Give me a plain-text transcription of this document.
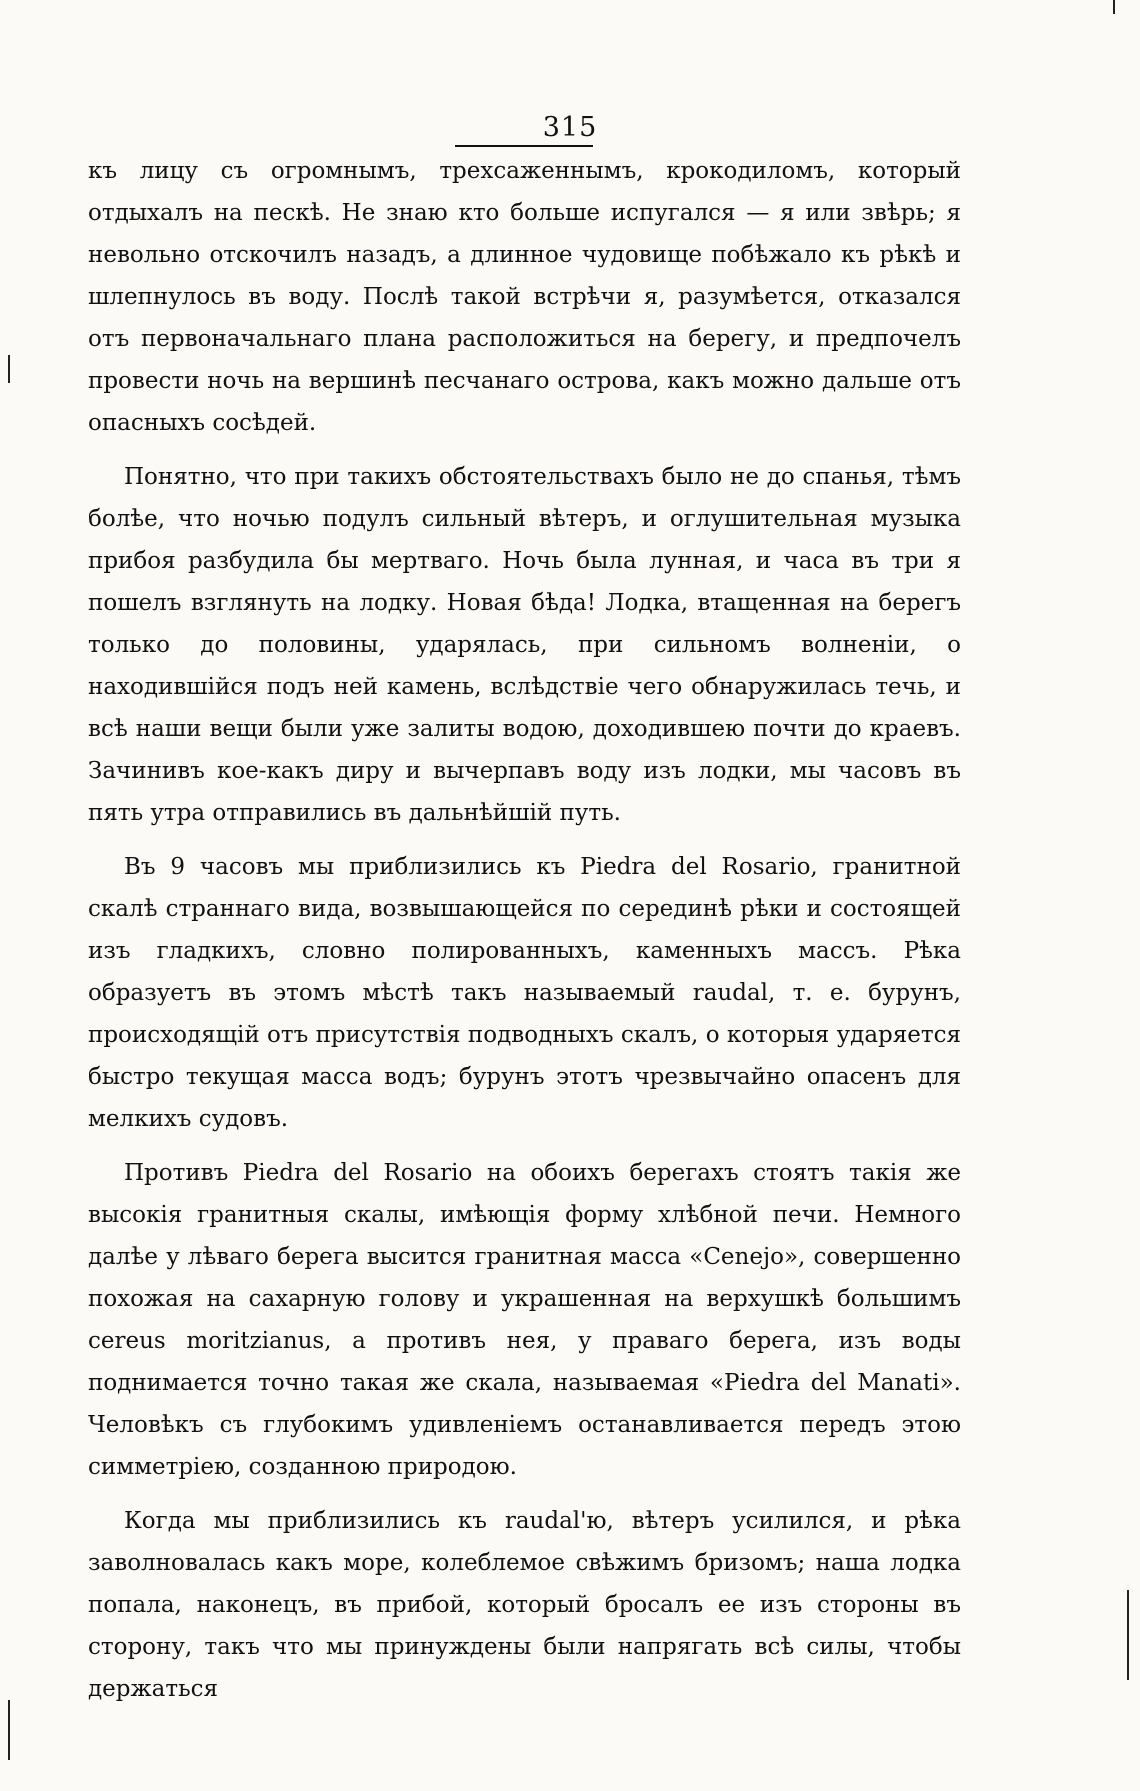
315

къ лицу съ огромнымъ, трехсаженнымъ, крокодиломъ, который отдыхалъ на пескѣ. Не знаю кто больше испугался — я или звѣрь; я невольно отскочилъ назадъ, а длинное чудовище побѣжало къ рѣкѣ и шлепнулось въ воду. Послѣ такой встрѣчи я, разумѣется, отказался отъ первоначальнаго плана расположиться на берегу, и предпочелъ провести ночь на вершинѣ песчанаго острова, какъ можно дальше отъ опасныхъ сосѣдей.

Понятно, что при такихъ обстоятельствахъ было не до спанья, тѣмъ болѣе, что ночью подулъ сильный вѣтеръ, и оглушительная музыка прибоя разбудила бы мертваго. Ночь была лунная, и часа въ три я пошелъ взглянуть на лодку. Новая бѣда! Лодка, втащенная на берегъ только до половины, ударялась, при сильномъ волненіи, о находившійся подъ ней камень, вслѣдствіе чего обнаружилась течь, и всѣ наши вещи были уже залиты водою, доходившею почти до краевъ. Зачинивъ кое-какъ диру и вычерпавъ воду изъ лодки, мы часовъ въ пять утра отправились въ дальнѣйшій путь.

Въ 9 часовъ мы приблизились къ Piedra del Rosario, гранитной скалѣ страннаго вида, возвышающейся по серединѣ рѣки и состоящей изъ гладкихъ, словно полированныхъ, каменныхъ массъ. Рѣка образуетъ въ этомъ мѣстѣ такъ называемый raudal, т. е. бурунъ, происходящій отъ присутствія подводныхъ скалъ, о которыя ударяется быстро текущая масса водъ; бурунъ этотъ чрезвычайно опасенъ для мелкихъ судовъ.

Противъ Piedra del Rosario на обоихъ берегахъ стоятъ такія же высокія гранитныя скалы, имѣющія форму хлѣбной печи. Немного далѣе у лѣваго берега высится гранитная масса «Cenejo», совершенно похожая на сахарную голову и украшенная на верхушкѣ большимъ cereus moritzianus, а противъ нея, у праваго берега, изъ воды поднимается точно такая же скала, называемая «Piedra del Manati». Человѣкъ съ глубокимъ удивленіемъ останавливается передъ этою симметріею, созданною природою.

Когда мы приблизились къ raudal'ю, вѣтеръ усилился, и рѣка заволновалась какъ море, колеблемое свѣжимъ бризомъ; наша лодка попала, наконецъ, въ прибой, который бросалъ ее изъ стороны въ сторону, такъ что мы принуждены были напрягать всѣ силы, чтобы держаться
